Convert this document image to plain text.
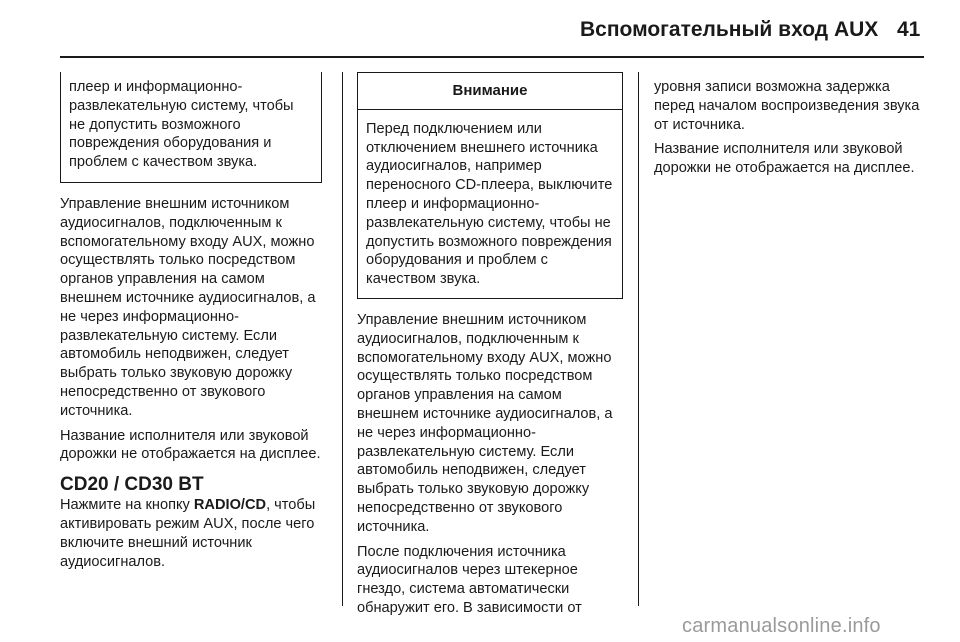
Вспомогательный вход AUX 41
плеер и информационно-развлекательную систему, чтобы не допустить возможного повреждения оборудования и проблем с качеством звука.

Управление внешним источником аудиосигналов, подключенным к вспомогательному входу AUX, можно осуществлять только посредством органов управления на самом внешнем источнике аудиосигналов, а не через информационно-развлекательную систему. Если автомобиль неподвижен, следует выбрать только звуковую дорожку непосредственно от звукового источника.

Название исполнителя или звуковой дорожки не отображается на дисплее.

CD20 / CD30 BT

Нажмите на кнопку RADIO/CD, чтобы активировать режим AUX, после чего включите внешний источник аудиосигналов.

Внимание
Перед подключением или отключением внешнего источника аудиосигналов, например переносного CD-плеера, выключите плеер и информационно-развлекательную систему, чтобы не допустить возможного повреждения оборудования и проблем с качеством звука.

Управление внешним источником аудиосигналов, подключенным к вспомогательному входу AUX, можно осуществлять только посредством органов управления на самом внешнем источнике аудиосигналов, а не через информационно-развлекательную систему. Если автомобиль неподвижен, следует выбрать только звуковую дорожку непосредственно от звукового источника.

После подключения источника аудиосигналов через штекерное гнездо, система автоматически обнаружит его. В зависимости от

уровня записи возможна задержка перед началом воспроизведения звука от источника.

Название исполнителя или звуковой дорожки не отображается на дисплее.

carmanualsonline.info
